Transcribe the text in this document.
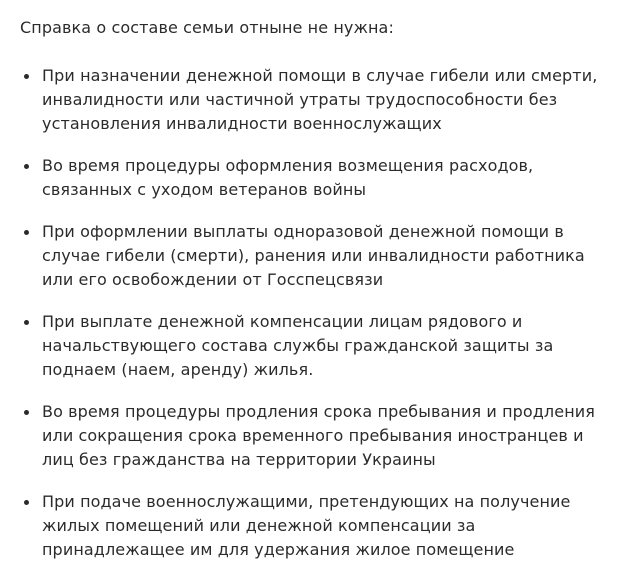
Справка о составе семьи отныне не нужна:

При назначении денежной помощи в случае гибели или смерти, инвалидности или частичной утраты трудоспособности без установления инвалидности военнослужащих
Во время процедуры оформления возмещения расходов, связанных с уходом ветеранов войны
При оформлении выплаты одноразовой денежной помощи в случае гибели (смерти), ранения или инвалидности работника или его освобождении от Госспецсвязи
При выплате денежной компенсации лицам рядового и начальствующего состава службы гражданской защиты за поднаем (наем, аренду) жилья.
Во время процедуры продления срока пребывания и продления или сокращения срока временного пребывания иностранцев и лиц без гражданства на территории Украины
При подаче военнослужащими, претендующих на получение жилых помещений или денежной компенсации за принадлежащее им для удержания жилое помещение
